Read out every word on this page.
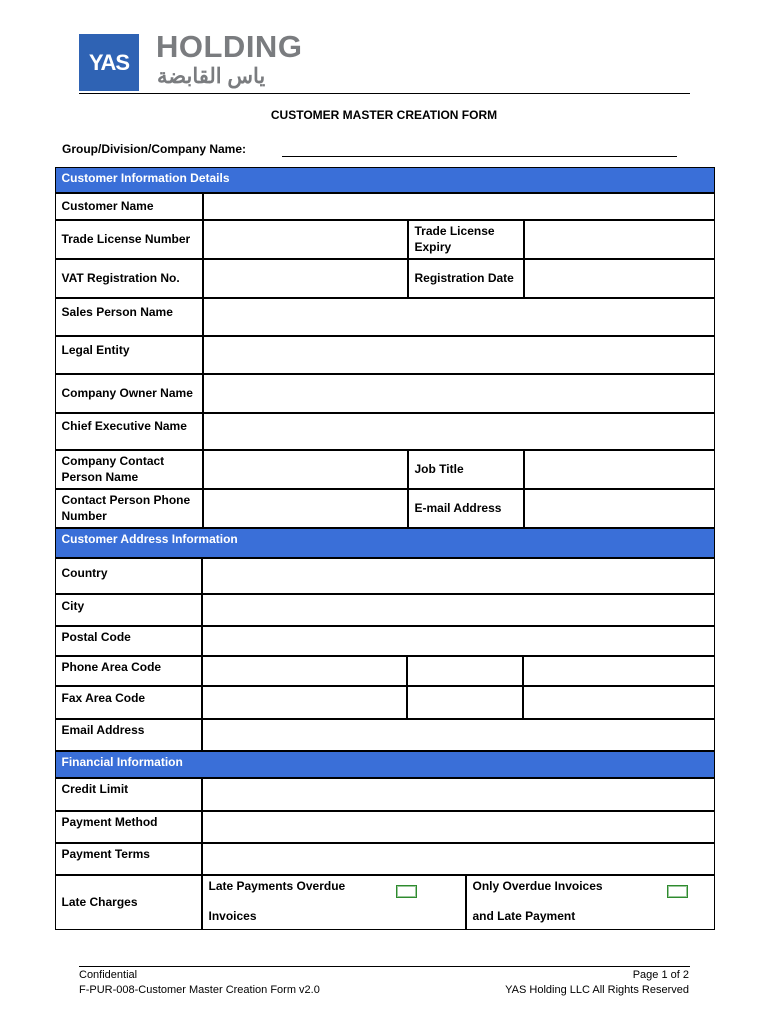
YAS HOLDING
ياس القابضة
CUSTOMER MASTER CREATION FORM
Group/Division/Company Name:
Customer Information Details
Customer Name
Trade License Number
Trade License Expiry
VAT Registration No.	Registration Date
Sales Person Name
Legal Entity
Company Owner Name
Chief Executive Name
Company Contact Person Name
Job Title
Contact Person Phone Number
E-mail Address
Customer Address Information
Country
City
Postal Code
Phone Area Code
Fax Area Code
Email Address
Financial Information
Credit Limit
Payment Method
Payment Terms
Late Charges
Late Payments Overdue
Invoices
Only Overdue Invoices
and Late Payment
Confidential
F-PUR-008-Customer Master Creation Form v2.0
Page 1 of 2
YAS Holding LLC All Rights Reserved
